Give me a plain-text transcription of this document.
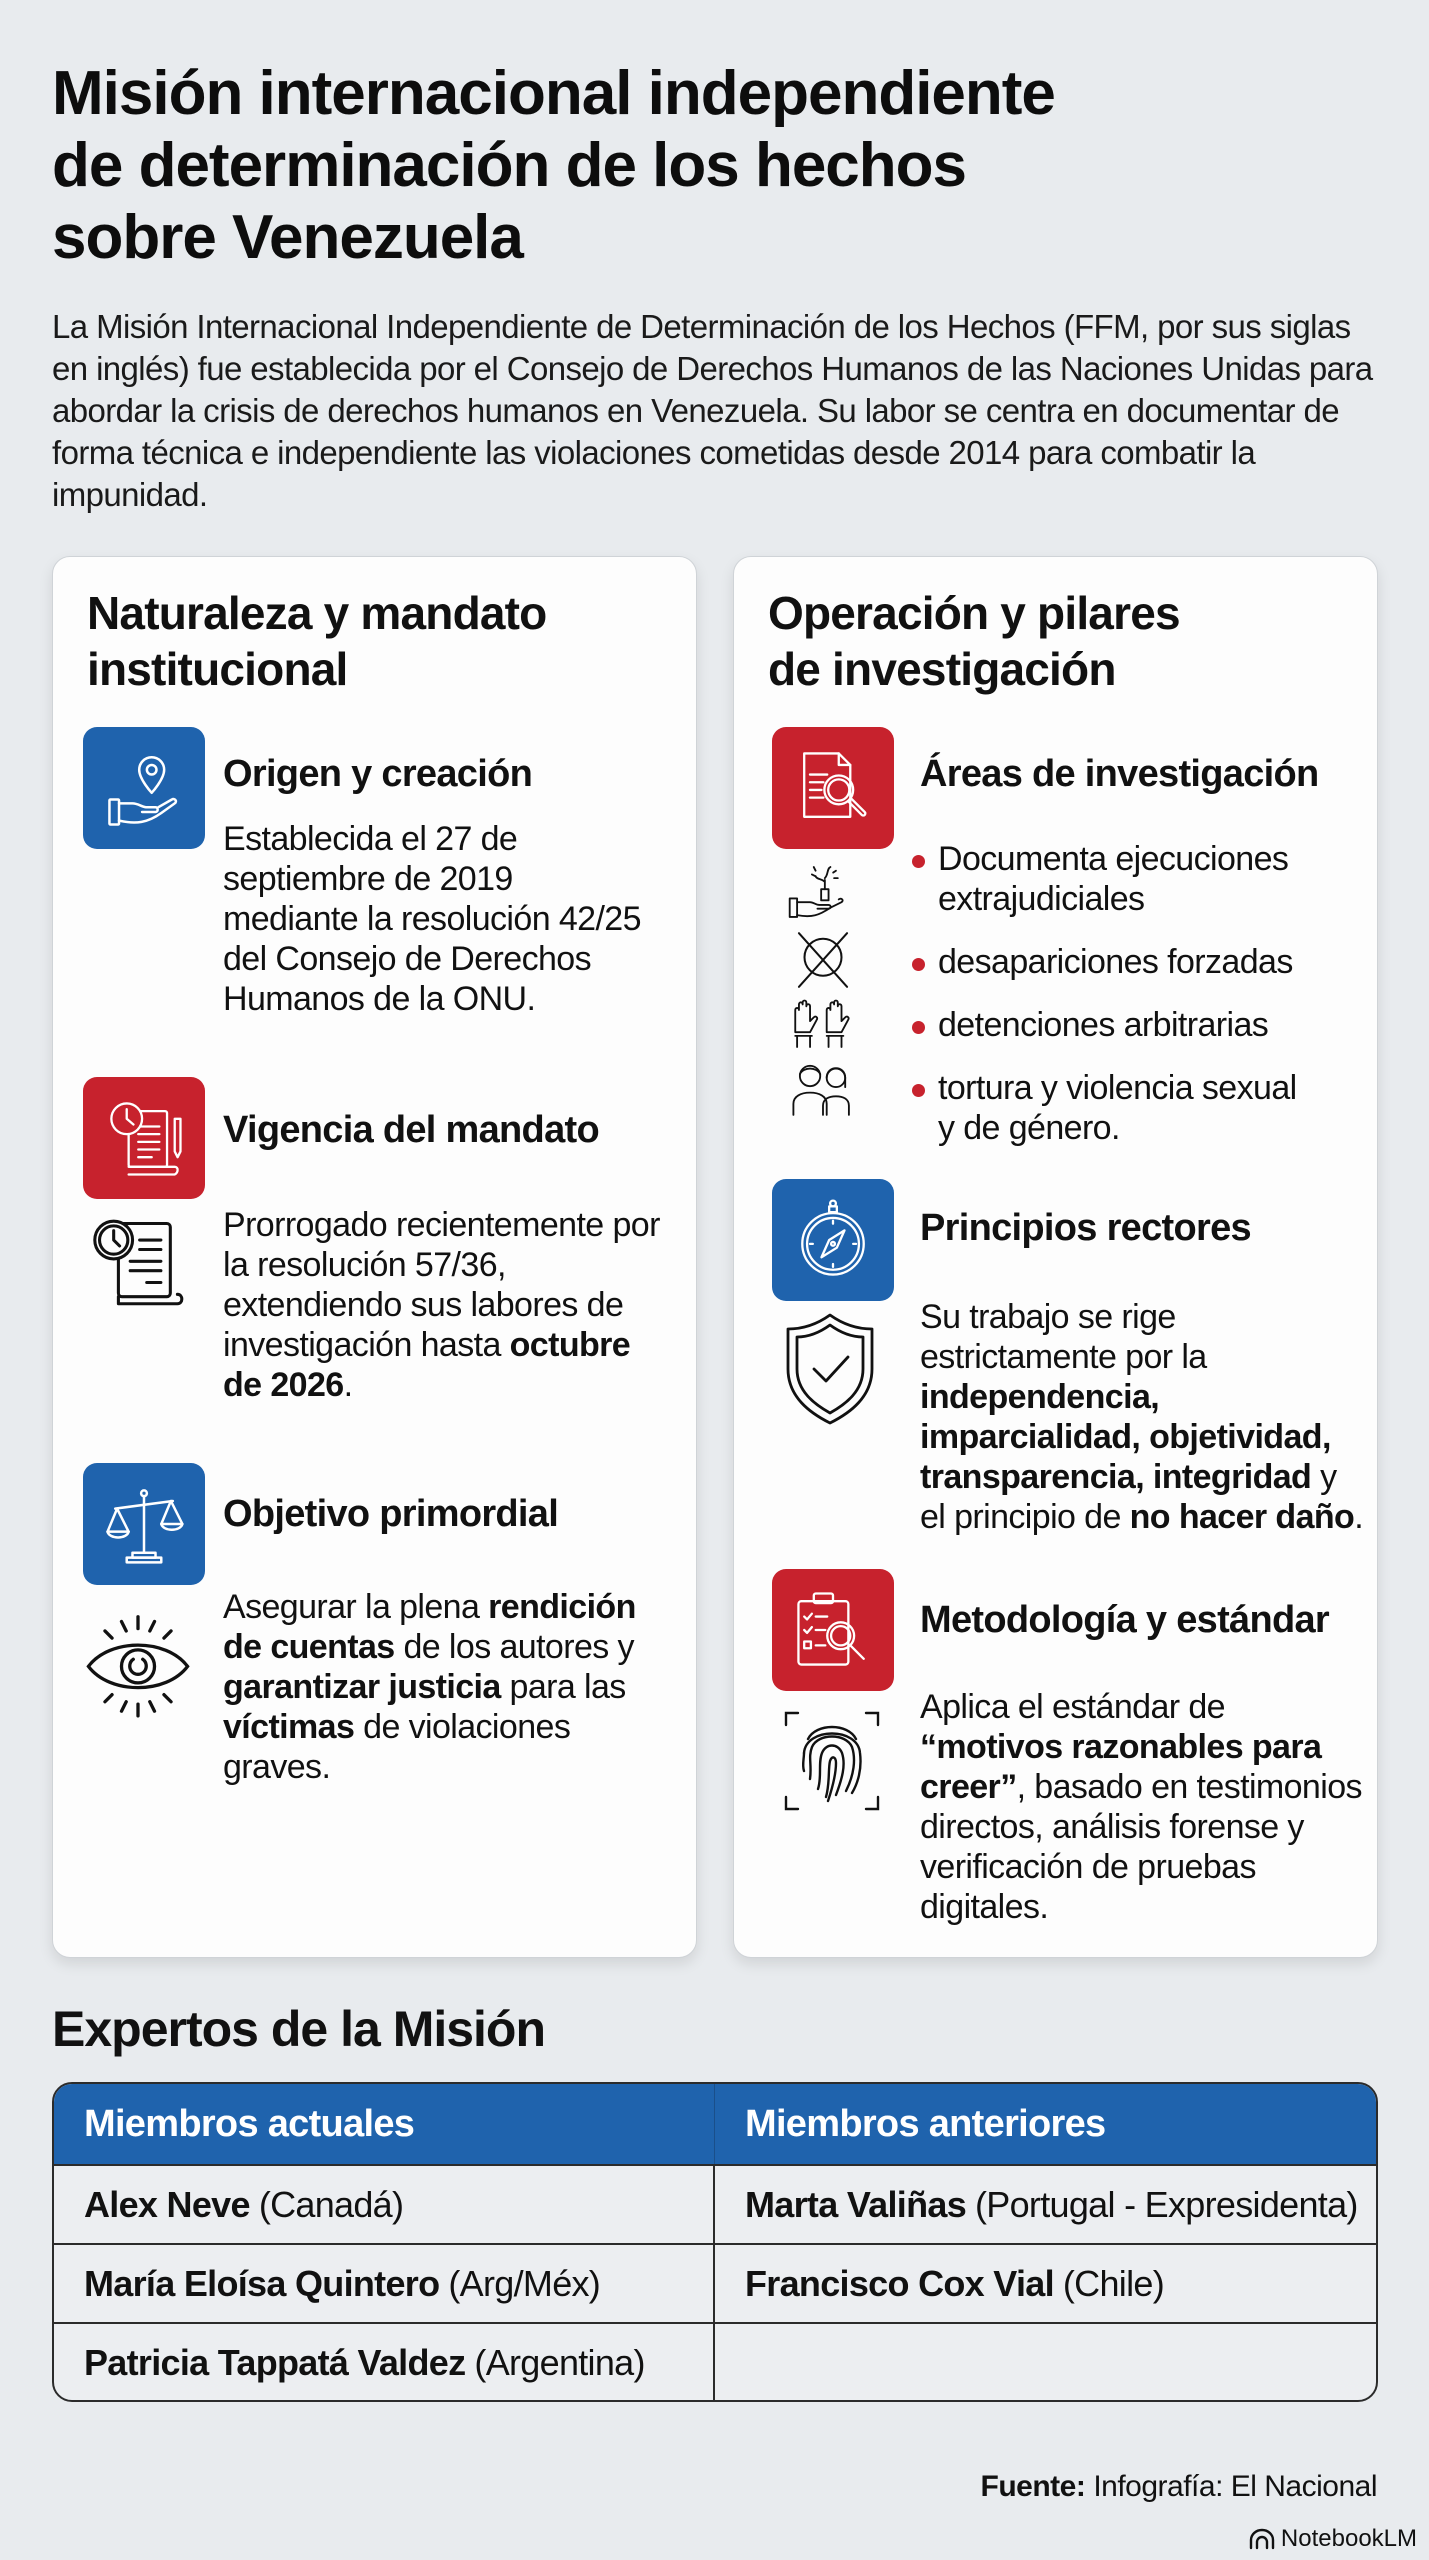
Misión internacional independiente
de determinación de los hechos
sobre Venezuela

La Misión Internacional Independiente de Determinación de los Hechos (FFM, por sus siglas en inglés) fue establecida por el Consejo de Derechos Humanos de las Naciones Unidas para abordar la crisis de derechos humanos en Venezuela. Su labor se centra en documentar de forma técnica e independiente las violaciones cometidas desde 2014 para combatir la impunidad.

Naturaleza y mandato
institucional
Origen y creación
Establecida el 27 de septiembre de 2019 mediante la resolución 42/25 del Consejo de Derechos Humanos de la ONU.
Vigencia del mandato
Prorrogado recientemente por la resolución 57/36, extendiendo sus labores de investigación hasta octubre de 2026.
Objetivo primordial
Asegurar la plena rendición de cuentas de los autores y garantizar justicia para las víctimas de violaciones graves.
Operación y pilares
de investigación
Áreas de investigación
Documenta ejecuciones extrajudiciales
desapariciones forzadas
detenciones arbitrarias
tortura y violencia sexual y de género.
Principios rectores
Su trabajo se rige estrictamente por la independencia, imparcialidad, objetividad, transparencia, integridad y el principio de no hacer daño.
Metodología y estándar
Aplica el estándar de “motivos razonables para creer”, basado en testimonios directos, análisis forense y verificación de pruebas digitales.
Expertos de la Misión
Miembros actuales	Miembros anteriores
Alex Neve (Canadá)	Marta Valiñas (Portugal - Expresidenta)
María Eloísa Quintero (Arg/Méx)	Francisco Cox Vial (Chile)
Patricia Tappatá Valdez (Argentina)
Fuente: Infografía: El Nacional
NotebookLM
